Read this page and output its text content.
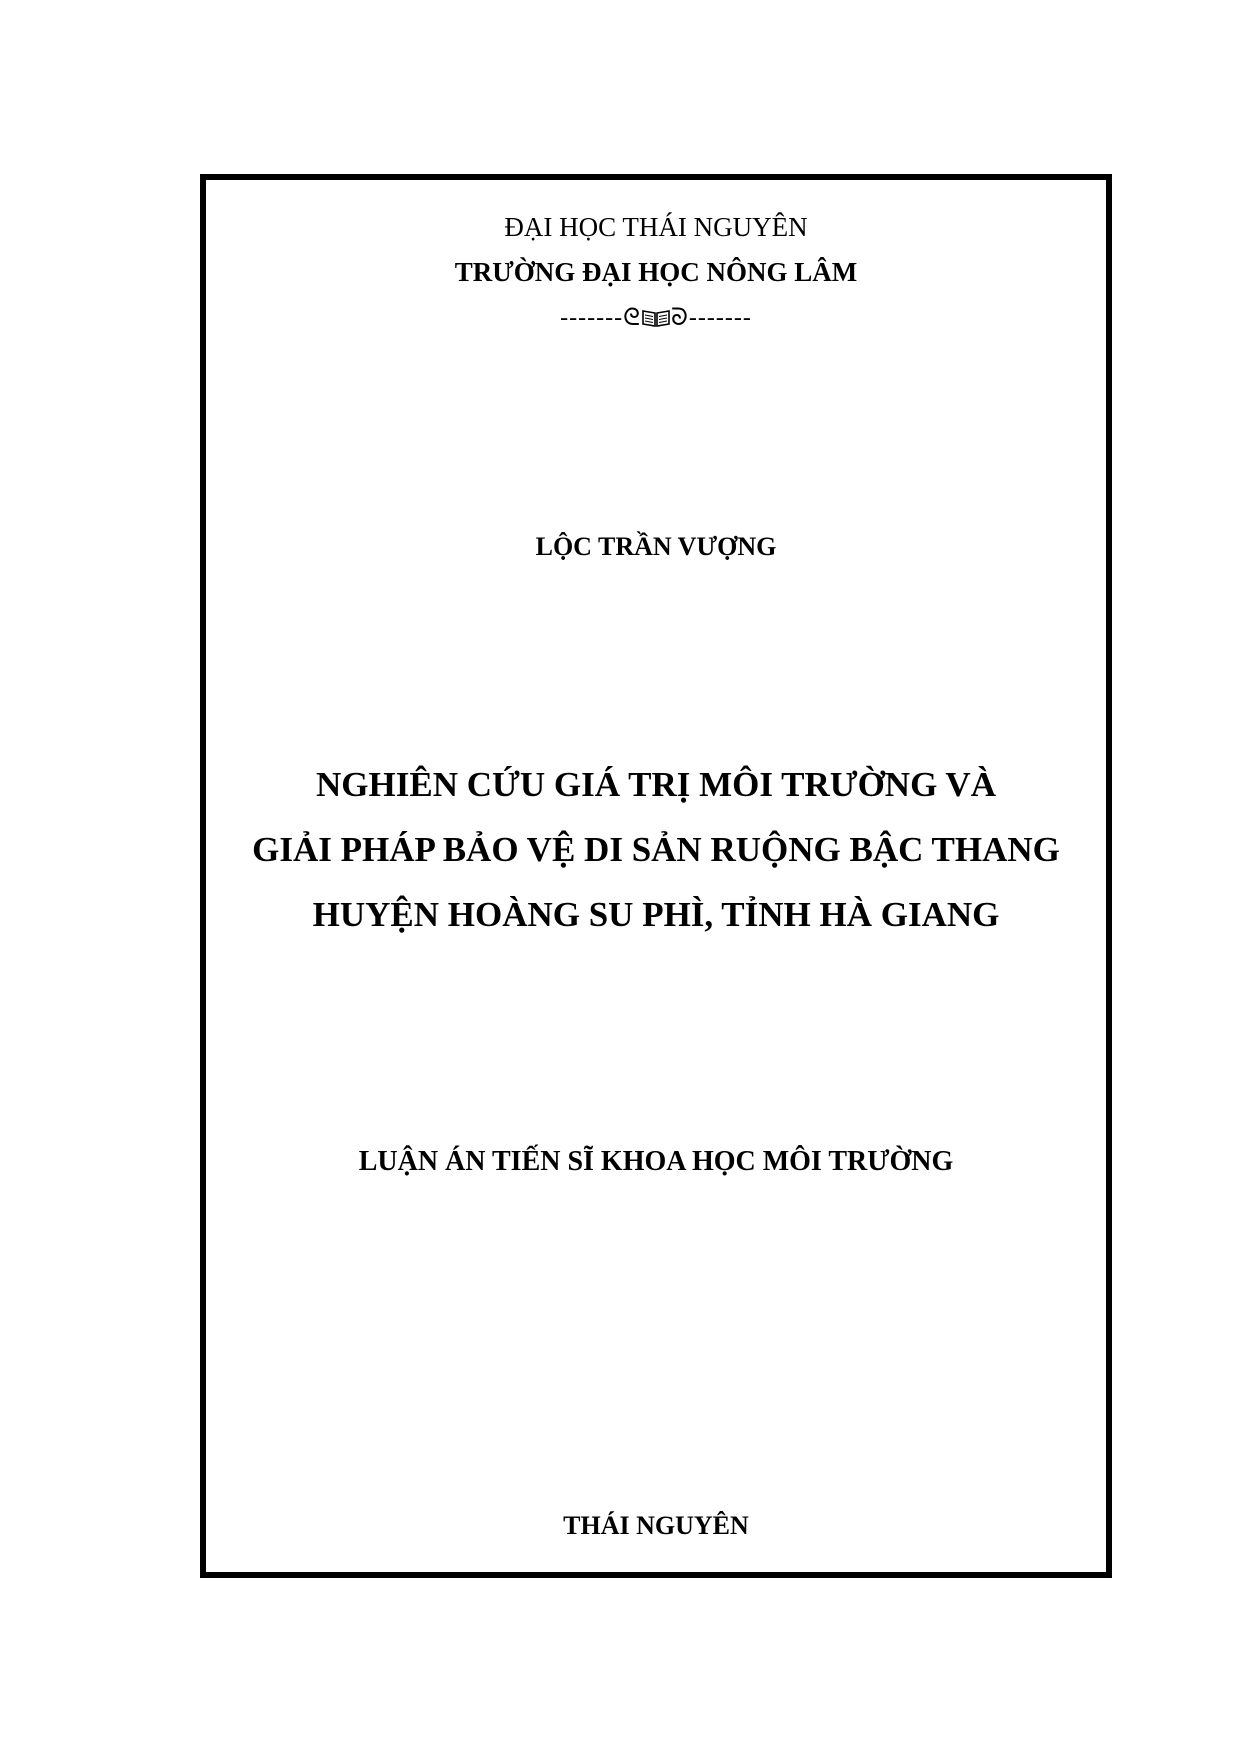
ĐẠI HỌC THÁI NGUYÊN
TRƯỜNG ĐẠI HỌC NÔNG LÂM
-------ᘓ ᘐ-------
LỘC TRẦN VƯỢNG
NGHIÊN CỨU GIÁ TRỊ MÔI TRƯỜNG VÀ
GIẢI PHÁP BẢO VỆ DI SẢN RUỘNG BẬC THANG
HUYỆN HOÀNG SU PHÌ, TỈNH HÀ GIANG
LUẬN ÁN TIẾN SĨ KHOA HỌC MÔI TRƯỜNG
THÁI NGUYÊN
